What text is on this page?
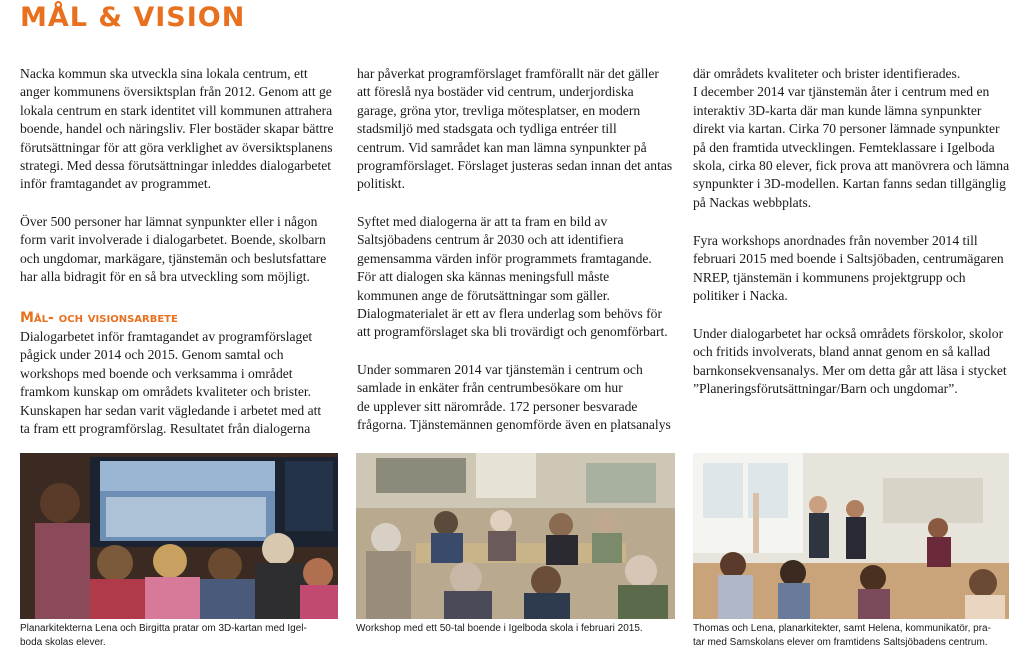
MÅL & VISION

Nacka kommun ska utveckla sina lokala centrum, ett
anger kommunens översiktsplan från 2012. Genom att ge
lokala centrum en stark identitet vill kommunen attrahera
boende, handel och näringsliv. Fler bostäder skapar bättre
förutsättningar för att göra verklighet av översiktsplanens
strategi. Med dessa förutsättningar inleddes dialogarbetet
inför framtagandet av programmet.

Över 500 personer har lämnat synpunkter eller i någon
form varit involverade i dialogarbetet. Boende, skolbarn
och ungdomar, markägare, tjänstemän och beslutsfattare
har alla bidragit för en så bra utveckling som möjligt.

Mål- och visionsarbete

Dialogarbetet inför framtagandet av programförslaget
pågick under 2014 och 2015. Genom samtal och
workshops med boende och verksamma i området
framkom kunskap om områdets kvaliteter och brister.
Kunskapen har sedan varit vägledande i arbetet med att
ta fram ett programförslag. Resultatet från dialogerna

har påverkat programförslaget framförallt när det gäller
att föreslå nya bostäder vid centrum, underjordiska
garage, gröna ytor, trevliga mötesplatser, en modern
stadsmiljö med stadsgata och tydliga entréer till
centrum. Vid samrådet kan man lämna synpunkter på
programförslaget. Förslaget justeras sedan innan det antas
politiskt.

Syftet med dialogerna är att ta fram en bild av
Saltsjöbadens centrum år 2030 och att identifiera
gemensamma värden inför programmets framtagande.
För att dialogen ska kännas meningsfull måste
kommunen ange de förutsättningar som gäller.
Dialogmaterialet är ett av flera underlag som behövs för
att programförslaget ska bli trovärdigt och genomförbart.

Under sommaren 2014 var tjänstemän i centrum och
samlade in enkäter från centrumbesökare om hur
de upplever sitt närområde. 172 personer besvarade
frågorna. Tjänstemännen genomförde även en platsanalys

där områdets kvaliteter och brister identifierades.
I december 2014 var tjänstemän åter i centrum med en
interaktiv 3D-karta där man kunde lämna synpunkter
direkt via kartan. Cirka 70 personer lämnade synpunkter
på den framtida utvecklingen. Femteklassare i Igelboda
skola, cirka 80 elever, fick prova att manövrera och lämna
synpunkter i 3D-modellen. Kartan fanns sedan tillgänglig
på Nackas webbplats.

Fyra workshops anordnades från november 2014 till
februari 2015 med boende i Saltsjöbaden, centrumägaren
NREP, tjänstemän i kommunens projektgrupp och
politiker i Nacka.

Under dialogarbetet har också områdets förskolor, skolor
och fritids involverats, bland annat genom en så kallad
barnkonsekvensanalys. Mer om detta går att läsa i stycket
”Planeringsförutsättningar/Barn och ungdomar”.

Planarkitekterna Lena och Birgitta pratar om 3D-kartan med Igel-
boda skolas elever.

Workshop med ett 50-tal boende i Igelboda skola i februari 2015.	Thomas och Lena, planarkitekter, samt Helena, kommunikatör, pra-
tar med Samskolans elever om framtidens Saltsjöbadens centrum.
